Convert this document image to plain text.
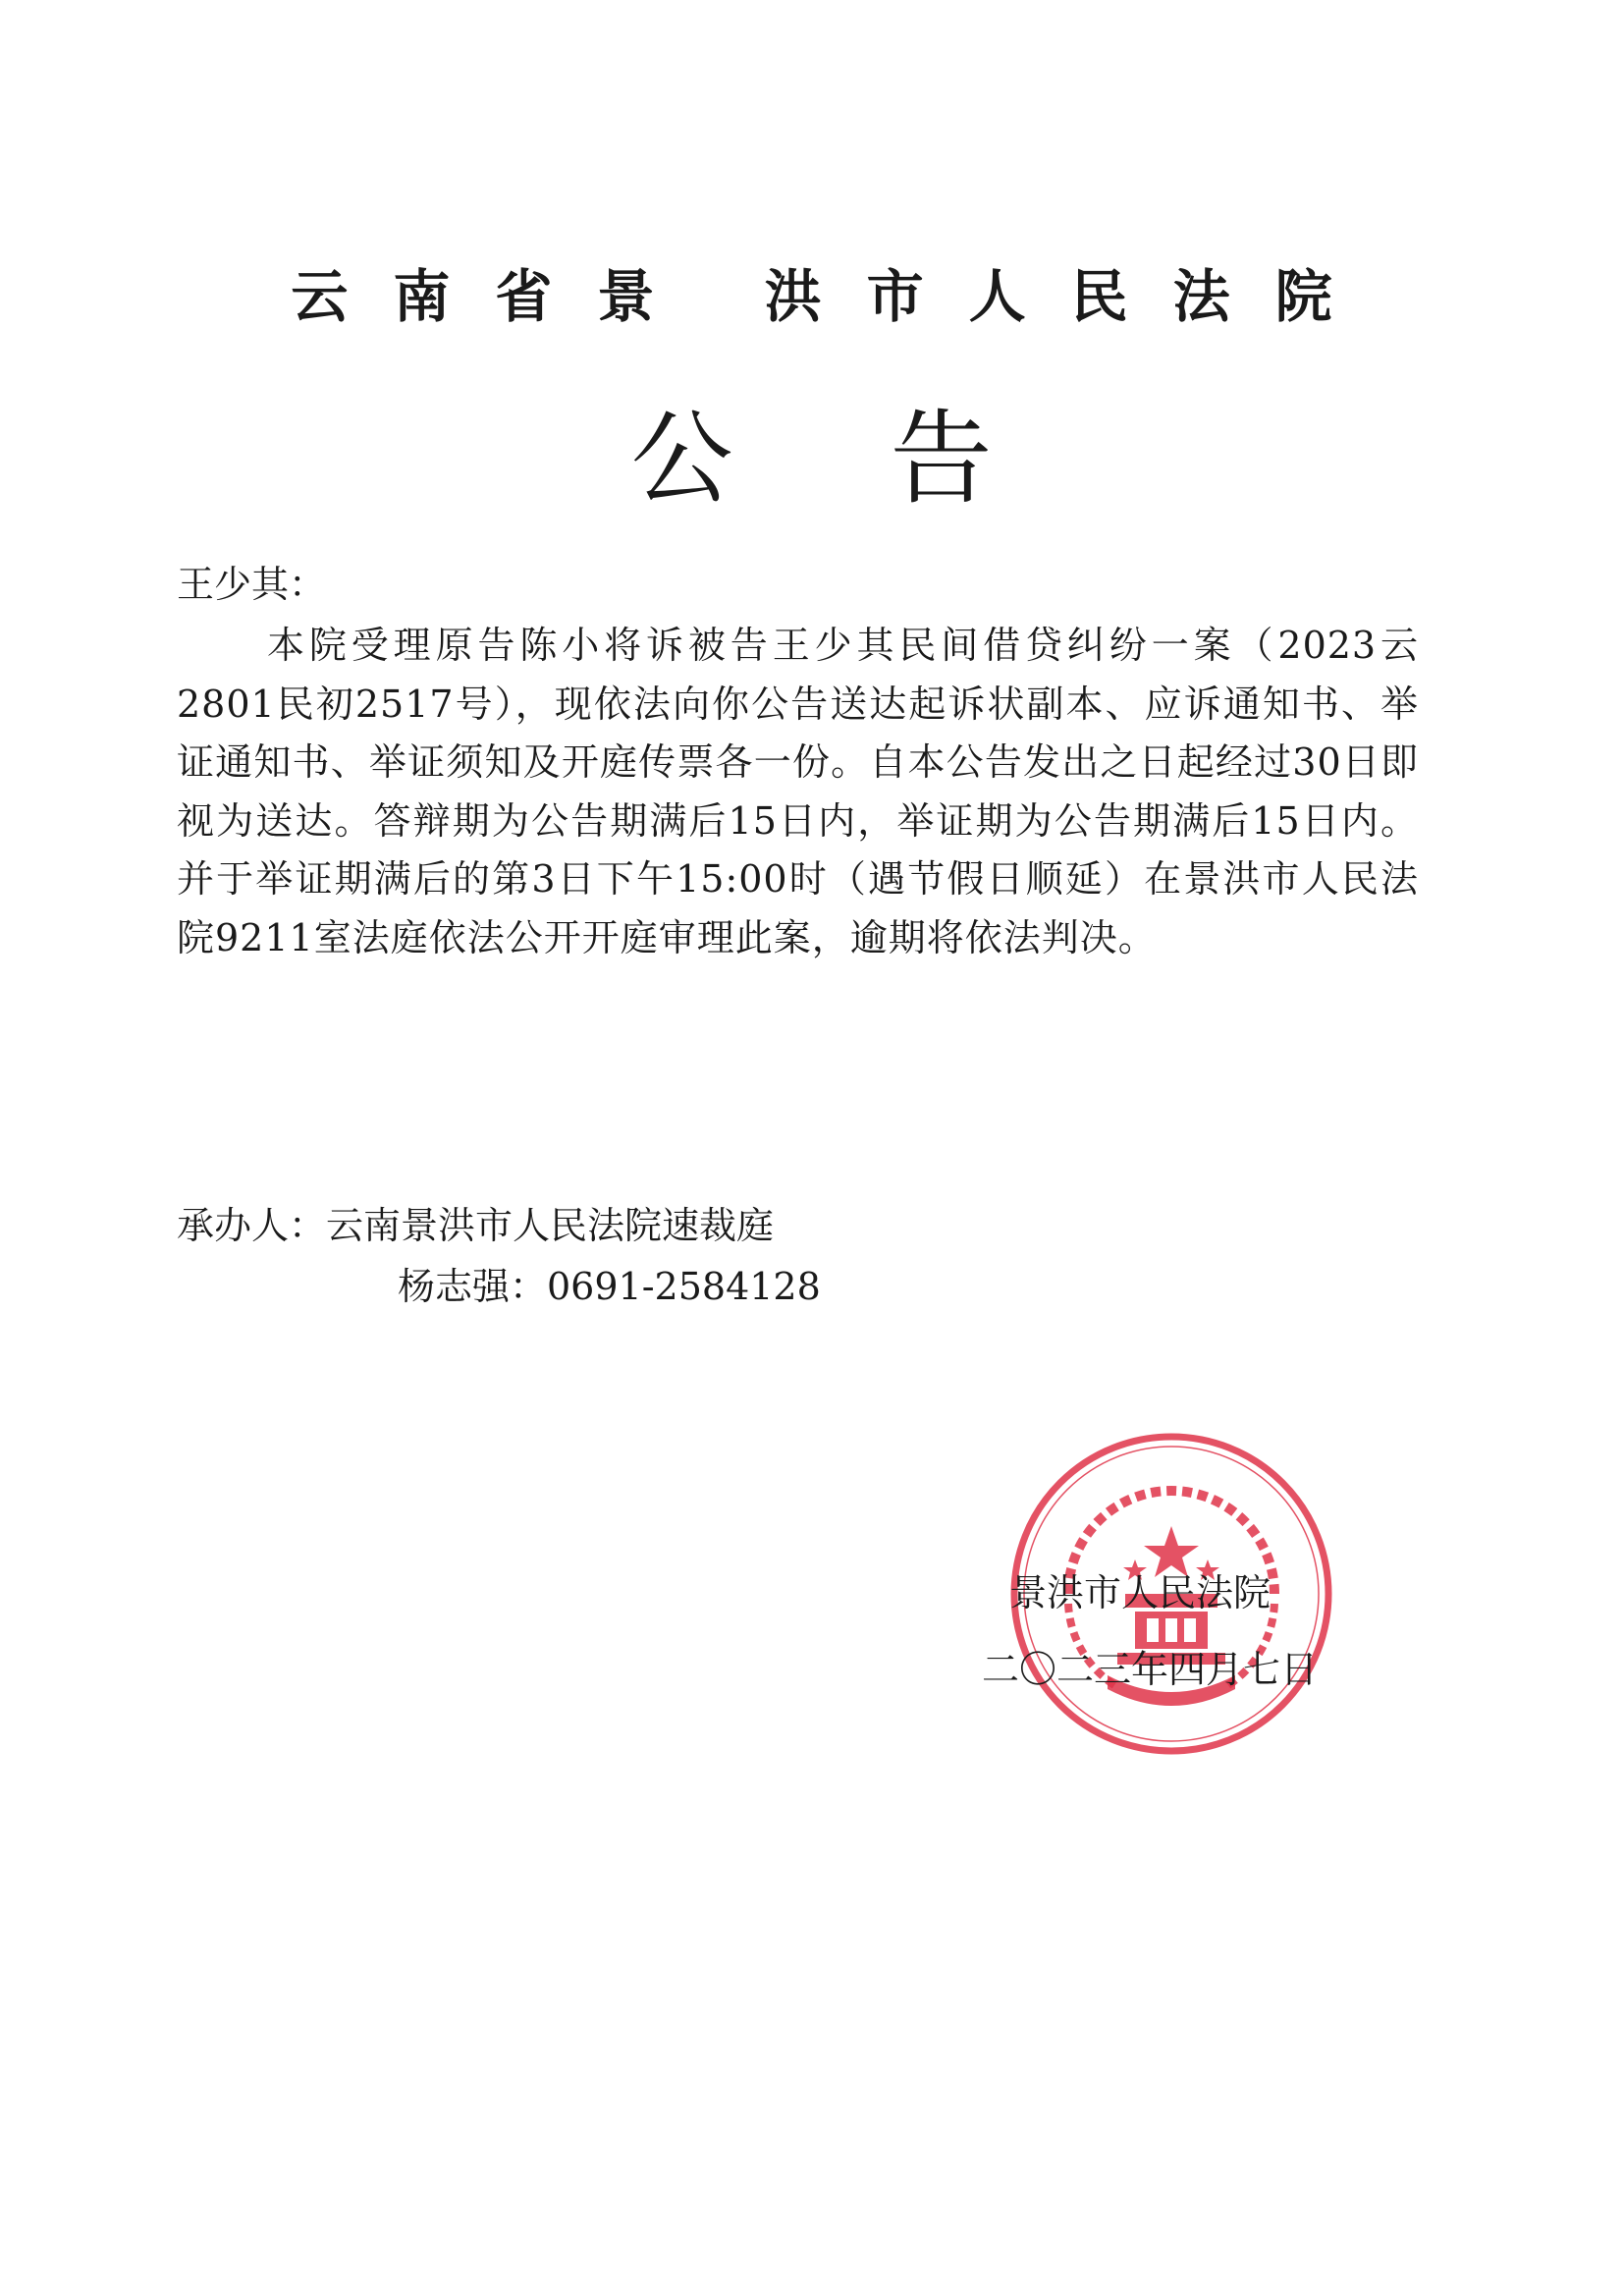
云南省景 洪市人民法院
公告
王少其：
本院受理原告陈小将诉被告王少其民间借贷纠纷一案（2023云2801民初2517号），现依法向你公告送达起诉状副本、应诉通知书、举证通知书、举证须知及开庭传票各一份。自本公告发出之日起经过30日即视为送达。答辩期为公告期满后15日内，举证期为公告期满后15日内。并于举证期满后的第3日下午15:00时（遇节假日顺延）在景洪市人民法院9211室法庭依法公开开庭审理此案，逾期将依法判决。
承办人：云南景洪市人民法院速裁庭
杨志强：0691-2584128
景洪市人民法院
二〇二三年四月七日
